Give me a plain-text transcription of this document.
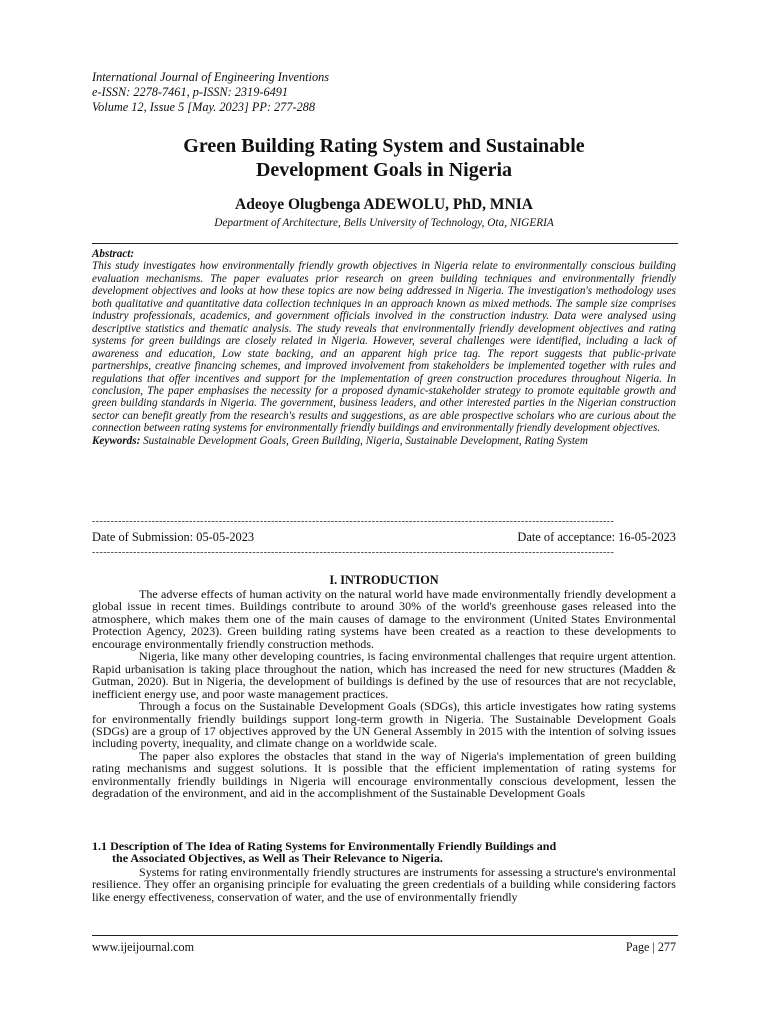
International Journal of Engineering Inventions
e-ISSN: 2278-7461, p-ISSN: 2319-6491
Volume 12, Issue 5 [May. 2023] PP: 277-288
Green Building Rating System and Sustainable
Development Goals in Nigeria
Adeoye Olugbenga ADEWOLU, PhD, MNIA
Department of Architecture, Bells University of Technology, Ota, NIGERIA
Abstract:
This study investigates how environmentally friendly growth objectives in Nigeria relate to environmentally conscious building evaluation mechanisms. The paper evaluates prior research on green building techniques and environmentally friendly development objectives and looks at how these topics are now being addressed in Nigeria. The investigation's methodology uses both qualitative and quantitative data collection techniques in an approach known as mixed methods. The sample size comprises industry professionals, academics, and government officials involved in the construction industry. Data were analysed using descriptive statistics and thematic analysis. The study reveals that environmentally friendly development objectives and rating systems for green buildings are closely related in Nigeria. However, several challenges were identified, including a lack of awareness and education, Low state backing, and an apparent high price tag. The report suggests that public-private partnerships, creative financing schemes, and improved involvement from stakeholders be implemented together with rules and regulations that offer incentives and support for the implementation of green construction procedures throughout Nigeria. In conclusion, The paper emphasises the necessity for a proposed dynamic-stakeholder strategy to promote equitable growth and green building standards in Nigeria. The government, business leaders, and other interested parties in the Nigerian construction sector can benefit greatly from the research's results and suggestions, as are able prospective scholars who are curious about the connection between rating systems for environmentally friendly buildings and environmentally friendly development objectives.
Keywords: Sustainable Development Goals, Green Building, Nigeria, Sustainable Development, Rating System
--------------------------------------------------------------------------------------------------------------------------------------------
Date of Submission: 05-05-2023	Date of acceptance: 16-05-2023
--------------------------------------------------------------------------------------------------------------------------------------------
I. INTRODUCTION

The adverse effects of human activity on the natural world have made environmentally friendly development a global issue in recent times. Buildings contribute to around 30% of the world's greenhouse gases released into the atmosphere, which makes them one of the main causes of damage to the environment (United States Environmental Protection Agency, 2023). Green building rating systems have been created as a reaction to these developments to encourage environmentally friendly construction methods.

Nigeria, like many other developing countries, is facing environmental challenges that require urgent attention. Rapid urbanisation is taking place throughout the nation, which has increased the need for new structures (Madden & Gutman, 2020). But in Nigeria, the development of buildings is defined by the use of resources that are not recyclable, inefficient energy use, and poor waste management practices.

Through a focus on the Sustainable Development Goals (SDGs), this article investigates how rating systems for environmentally friendly buildings support long-term growth in Nigeria. The Sustainable Development Goals (SDGs) are a group of 17 objectives approved by the UN General Assembly in 2015 with the intention of solving issues including poverty, inequality, and climate change on a worldwide scale.

The paper also explores the obstacles that stand in the way of Nigeria's implementation of green building rating mechanisms and suggest solutions. It is possible that the efficient implementation of rating systems for environmentally friendly buildings in Nigeria will encourage environmentally conscious development, lessen the degradation of the environment, and aid in the accomplishment of the Sustainable Development Goals

1.1 Description of The Idea of Rating Systems for Environmentally Friendly Buildings and
the Associated Objectives, as Well as Their Relevance to Nigeria.

Systems for rating environmentally friendly structures are instruments for assessing a structure's environmental resilience. They offer an organising principle for evaluating the green credentials of a building while considering factors like energy effectiveness, conservation of water, and the use of environmentally friendly

www.ijeijournal.com	Page | 277
